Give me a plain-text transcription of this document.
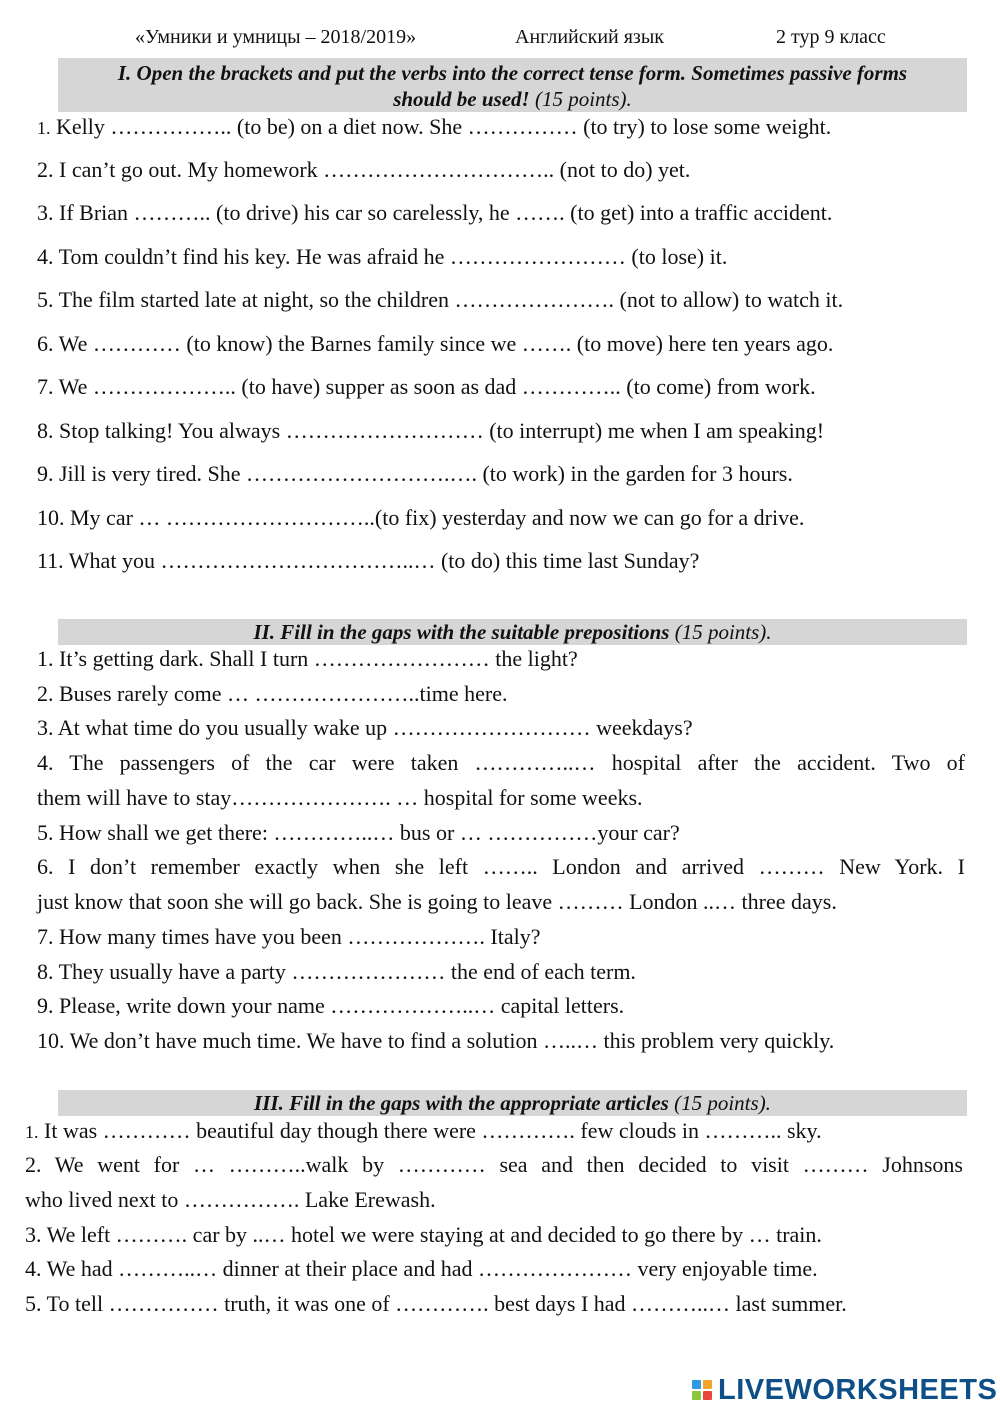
«Умники и умницы – 2018/2019»	Английский язык	2 тур 9 класс
I. Open the brackets and put the verbs into the correct tense form. Sometimes passive forms
should be used! (15 points).
1. Kelly …………….. (to be) on a diet now. She …………… (to try) to lose some weight.
2. I can’t go out. My homework ………………………….. (not to do) yet.
3. If Brian ……….. (to drive) his car so carelessly, he ……. (to get) into a traffic accident.
4. Tom couldn’t find his key. He was afraid he …………………… (to lose) it.
5. The film started late at night, so the children …………………. (not to allow) to watch it.
6. We ………… (to know) the Barnes family since we ……. (to move) here ten years ago.
7. We ……………….. (to have) supper as soon as dad ………….. (to come) from work.
8. Stop talking! You always ……………………… (to interrupt) me when I am speaking!
9. Jill is very tired. She ……………………….…. (to work) in the garden for 3 hours.
10. My car … ………………………..(to fix) yesterday and now we can go for a drive.
11. What you ……………………………..… (to do) this time last Sunday?
II. Fill in the gaps with the suitable prepositions (15 points).
1. It’s getting dark. Shall I turn …………………… the light?
2. Buses rarely come … …………………..time here.
3. At what time do you usually wake up ……………………… weekdays?
4. The passengers of the car were taken …………..… hospital after the accident. Two of
them will have to stay…………………. … hospital for some weeks.
5. How shall we get there: …………..… bus or … ……………your car?
6. I don’t remember exactly when she left …….. London and arrived ……… New York. I
just know that soon she will go back. She is going to leave ……… London ..… three days.
7. How many times have you been ………………. Italy?
8. They usually have a party ………………… the end of each term.
9. Please, write down your name ………………..… capital letters.
10. We don’t have much time. We have to find a solution …..… this problem very quickly.
III. Fill in the gaps with the appropriate articles (15 points).
1. It was ………… beautiful day though there were …………. few clouds in ……….. sky.
2. We went for … ………..walk by ………… sea and then decided to visit ……… Johnsons
who lived next to ……………. Lake Erewash.
3. We left ………. car by ..… hotel we were staying at and decided to go there by … train.
4. We had ………..… dinner at their place and had ………………… very enjoyable time.
5. To tell …………… truth, it was one of …………. best days I had ………..… last summer.
LIVEWORKSHEETS
